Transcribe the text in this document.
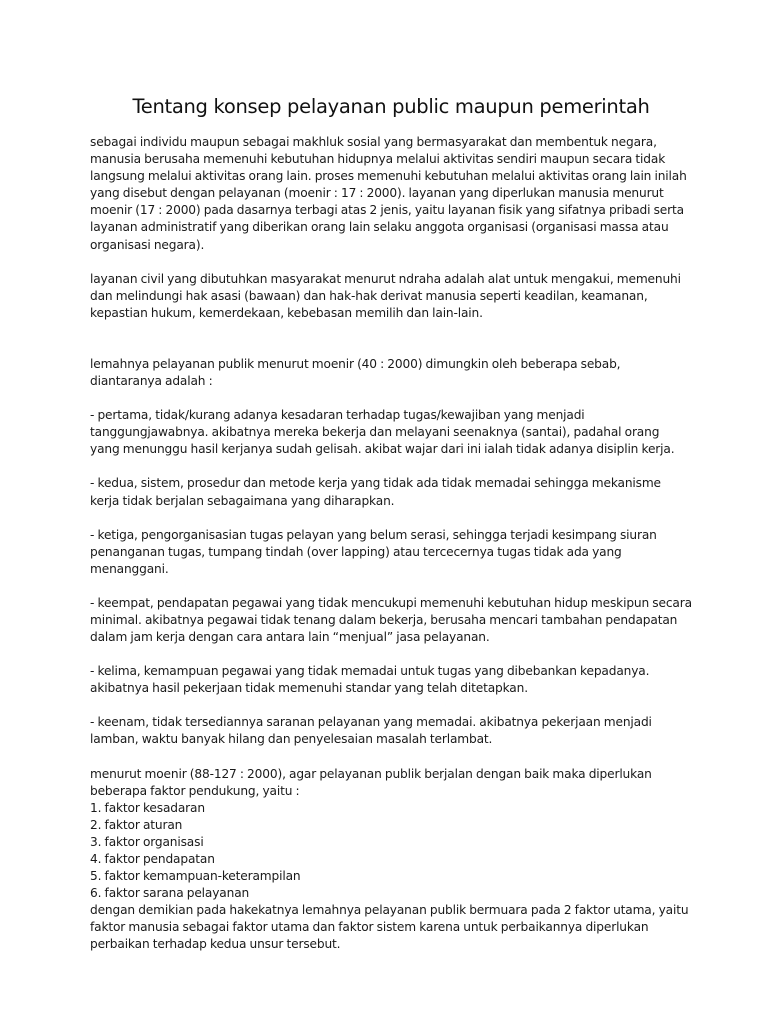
Tentang konsep pelayanan public maupun pemerintah

sebagai individu maupun sebagai makhluk sosial yang bermasyarakat dan membentuk negara, manusia berusaha memenuhi kebutuhan hidupnya melalui aktivitas sendiri maupun secara tidak langsung melalui aktivitas orang lain. proses memenuhi kebutuhan melalui aktivitas orang lain inilah yang disebut dengan pelayanan (moenir : 17 : 2000). layanan yang diperlukan manusia menurut moenir (17 : 2000) pada dasarnya terbagi atas 2 jenis, yaitu layanan fisik yang sifatnya pribadi serta layanan administratif yang diberikan orang lain selaku anggota organisasi (organisasi massa atau organisasi negara).

layanan civil yang dibutuhkan masyarakat menurut ndraha adalah alat untuk mengakui, memenuhi dan melindungi hak asasi (bawaan) dan hak-hak derivat manusia seperti keadilan, keamanan, kepastian hukum, kemerdekaan, kebebasan memilih dan lain-lain.

lemahnya pelayanan publik menurut moenir (40 : 2000) dimungkin oleh beberapa sebab, diantaranya adalah :

- pertama, tidak/kurang adanya kesadaran terhadap tugas/kewajiban yang menjadi tanggungjawabnya. akibatnya mereka bekerja dan melayani seenaknya (santai), padahal orang yang menunggu hasil kerjanya sudah gelisah. akibat wajar dari ini ialah tidak adanya disiplin kerja.

- kedua, sistem, prosedur dan metode kerja yang tidak ada tidak memadai sehingga mekanisme kerja tidak berjalan sebagaimana yang diharapkan.

- ketiga, pengorganisasian tugas pelayan yang belum serasi, sehingga terjadi kesimpang siuran penanganan tugas, tumpang tindah (over lapping) atau tercecernya tugas tidak ada yang menanggani.

- keempat, pendapatan pegawai yang tidak mencukupi memenuhi kebutuhan hidup meskipun secara minimal. akibatnya pegawai tidak tenang dalam bekerja, berusaha mencari tambahan pendapatan dalam jam kerja dengan cara antara lain “menjual” jasa pelayanan.

- kelima, kemampuan pegawai yang tidak memadai untuk tugas yang dibebankan kepadanya. akibatnya hasil pekerjaan tidak memenuhi standar yang telah ditetapkan.

- keenam, tidak tersediannya saranan pelayanan yang memadai. akibatnya pekerjaan menjadi lamban, waktu banyak hilang dan penyelesaian masalah terlambat.

menurut moenir (88-127 : 2000), agar pelayanan publik berjalan dengan baik maka diperlukan beberapa faktor pendukung, yaitu :

1. faktor kesadaran

2. faktor aturan

3. faktor organisasi

4. faktor pendapatan

5. faktor kemampuan-keterampilan

6. faktor sarana pelayanan

dengan demikian pada hakekatnya lemahnya pelayanan publik bermuara pada 2 faktor utama, yaitu faktor manusia sebagai faktor utama dan faktor sistem karena untuk perbaikannya diperlukan perbaikan terhadap kedua unsur tersebut.
